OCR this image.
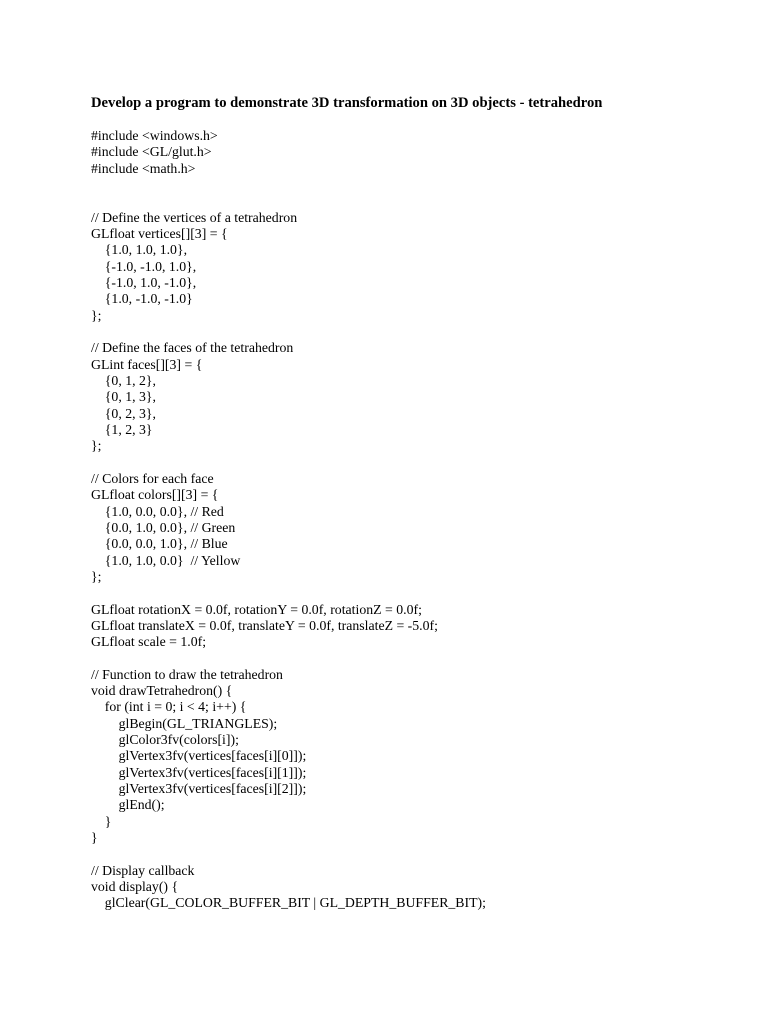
Develop a program to demonstrate 3D transformation on 3D objects - tetrahedron
#include <windows.h>
#include <GL/glut.h>
#include <math.h>
// Define the vertices of a tetrahedron
GLfloat vertices[][3] = {
{1.0, 1.0, 1.0},
{-1.0, -1.0, 1.0},
{-1.0, 1.0, -1.0},
{1.0, -1.0, -1.0}
};
// Define the faces of the tetrahedron
GLint faces[][3] = {
{0, 1, 2},
{0, 1, 3},
{0, 2, 3},
{1, 2, 3}
};
// Colors for each face
GLfloat colors[][3] = {
{1.0, 0.0, 0.0}, // Red
{0.0, 1.0, 0.0}, // Green
{0.0, 0.0, 1.0}, // Blue
{1.0, 1.0, 0.0}  // Yellow
};
GLfloat rotationX = 0.0f, rotationY = 0.0f, rotationZ = 0.0f;
GLfloat translateX = 0.0f, translateY = 0.0f, translateZ = -5.0f;
GLfloat scale = 1.0f;
// Function to draw the tetrahedron
void drawTetrahedron() {
for (int i = 0; i < 4; i++) {
glBegin(GL_TRIANGLES);
glColor3fv(colors[i]);
glVertex3fv(vertices[faces[i][0]]);
glVertex3fv(vertices[faces[i][1]]);
glVertex3fv(vertices[faces[i][2]]);
glEnd();
}
}
// Display callback
void display() {
glClear(GL_COLOR_BUFFER_BIT | GL_DEPTH_BUFFER_BIT);
